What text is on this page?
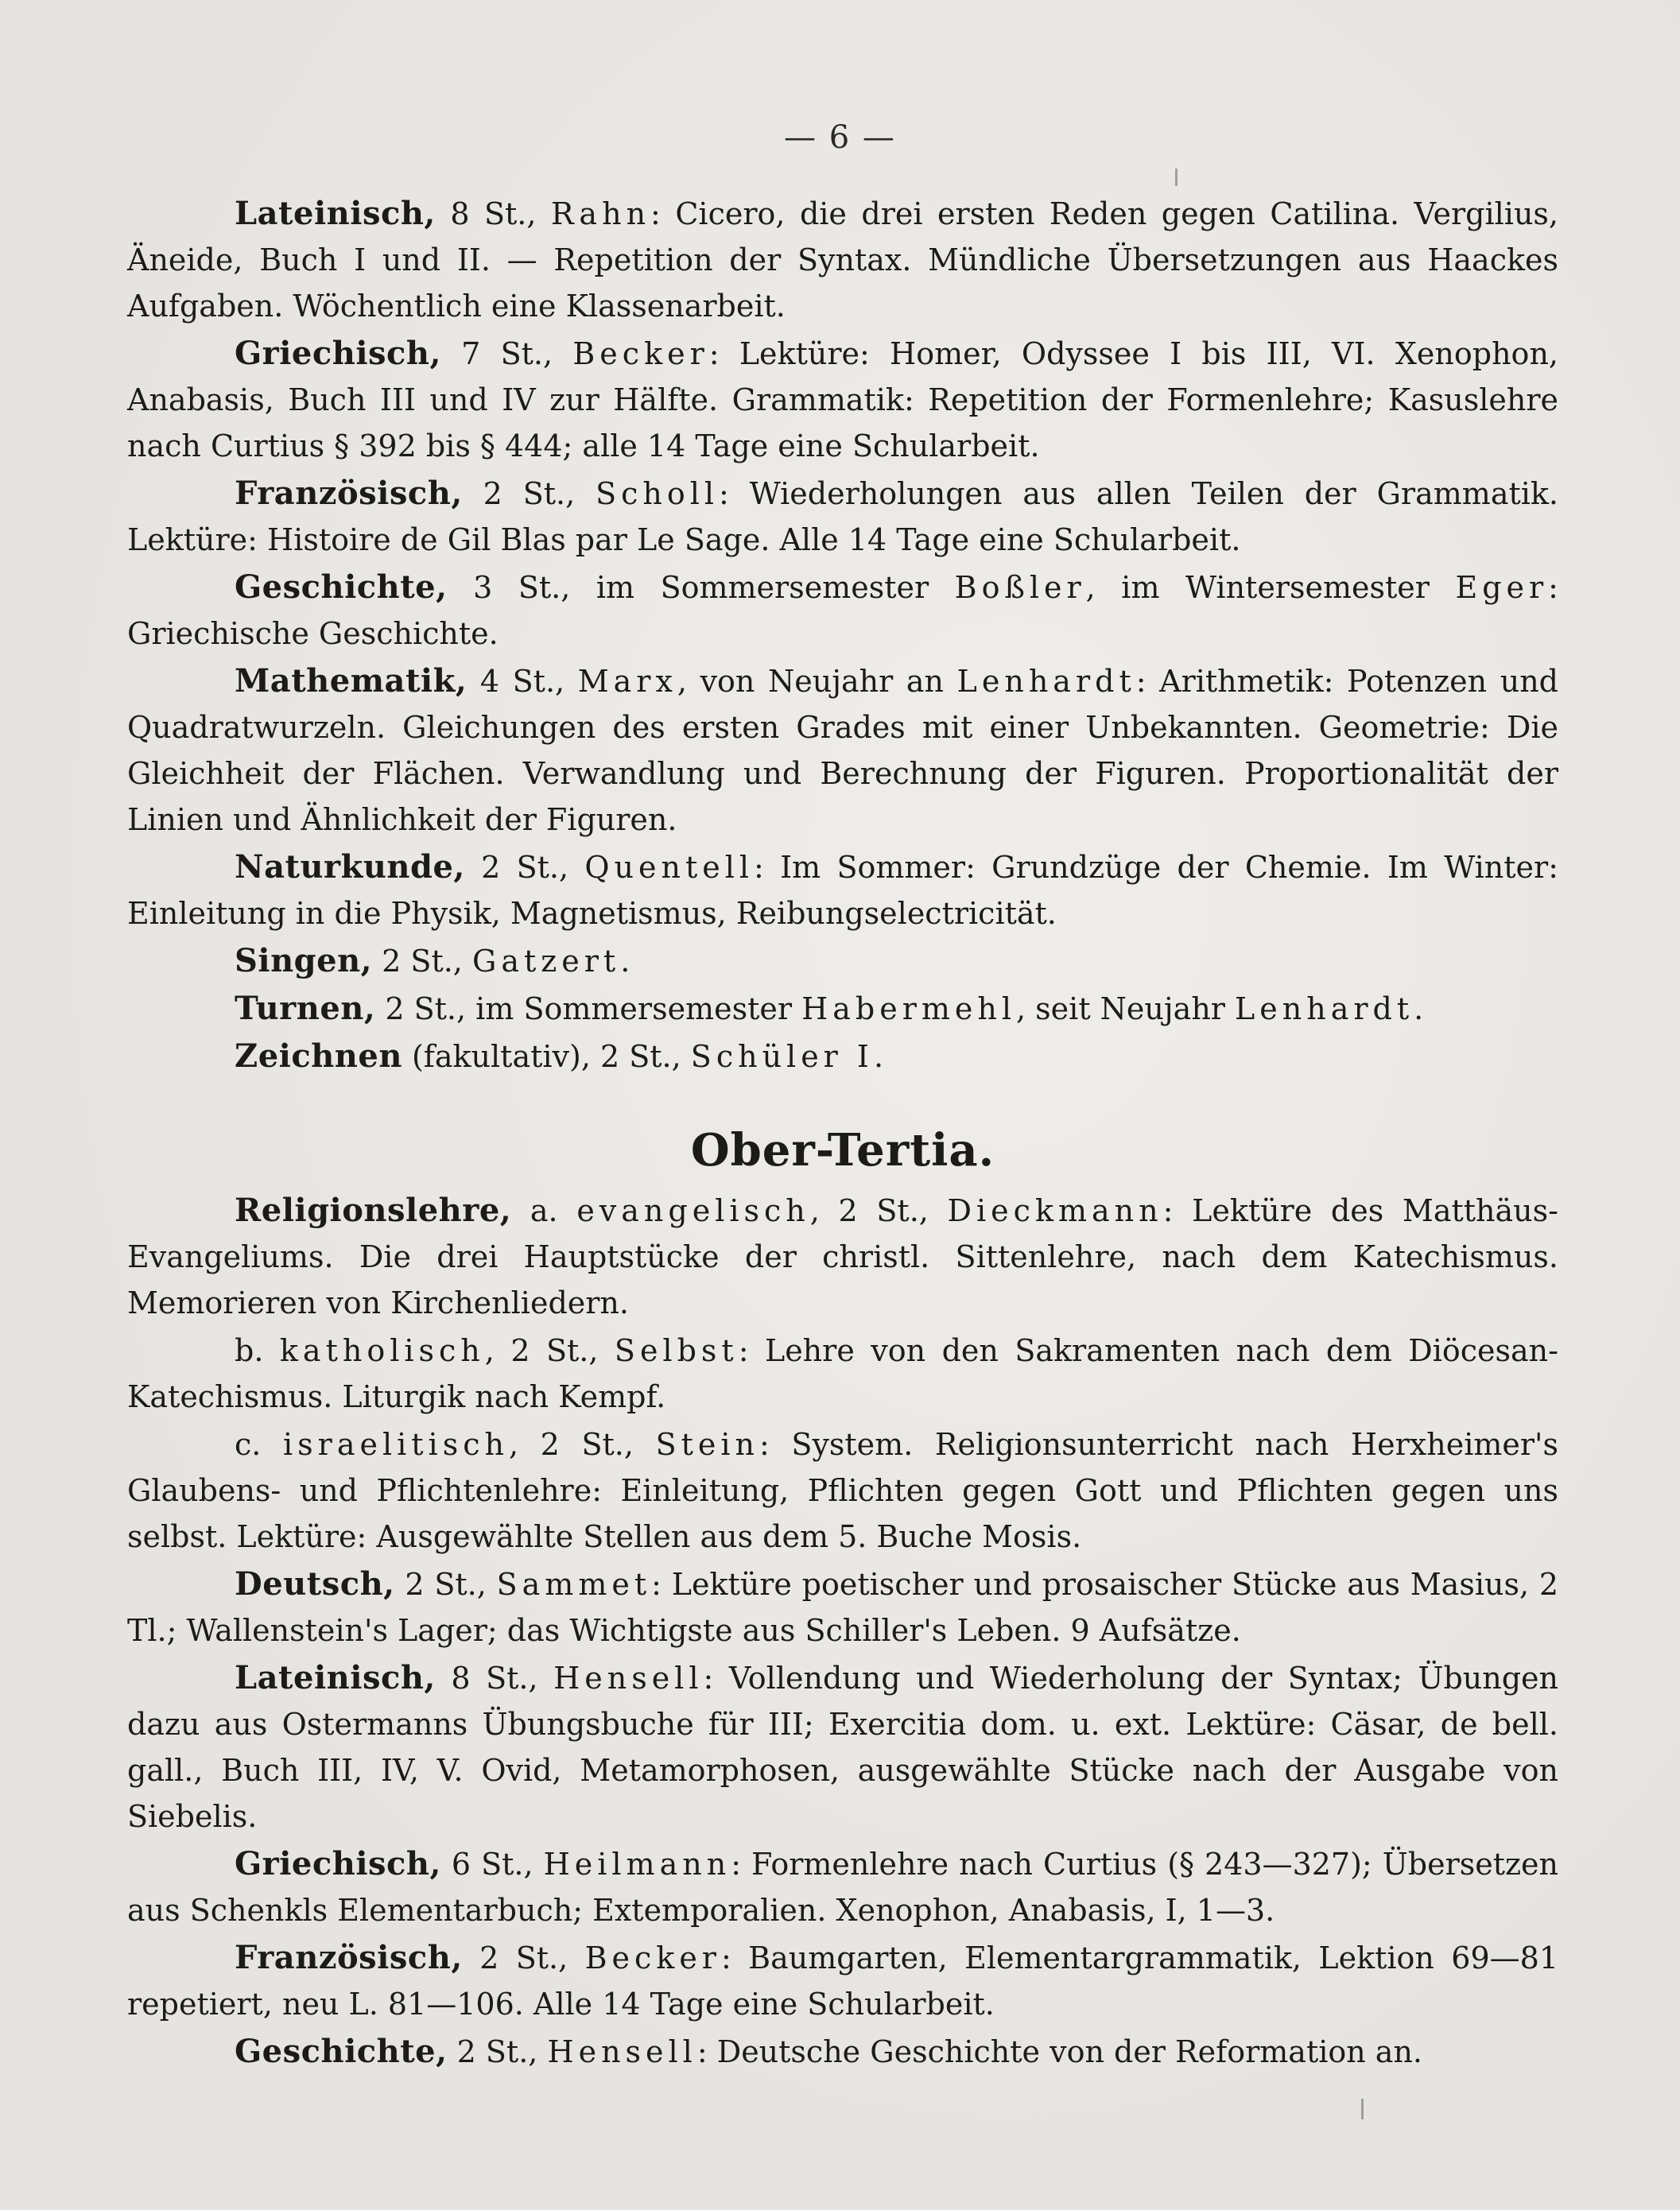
— 6 —

Lateinisch, 8 St., Rahn: Cicero, die drei ersten Reden gegen Catilina. Vergilius, Äneide, Buch I und II. — Repetition der Syntax. Mündliche Übersetzungen aus Haackes Aufgaben. Wöchentlich eine Klassenarbeit.

Griechisch, 7 St., Becker: Lektüre: Homer, Odyssee I bis III, VI. Xenophon, Anabasis, Buch III und IV zur Hälfte. Grammatik: Repetition der Formenlehre; Kasuslehre nach Curtius § 392 bis § 444; alle 14 Tage eine Schularbeit.

Französisch, 2 St., Scholl: Wiederholungen aus allen Teilen der Grammatik. Lektüre: Histoire de Gil Blas par Le Sage. Alle 14 Tage eine Schularbeit.

Geschichte, 3 St., im Sommersemester Boßler, im Wintersemester Eger: Griechische Geschichte.

Mathematik, 4 St., Marx, von Neujahr an Lenhardt: Arithmetik: Potenzen und Quadratwurzeln. Gleichungen des ersten Grades mit einer Unbekannten. Geometrie: Die Gleichheit der Flächen. Verwandlung und Berechnung der Figuren. Proportionalität der Linien und Ähnlichkeit der Figuren.

Naturkunde, 2 St., Quentell: Im Sommer: Grundzüge der Chemie. Im Winter: Einleitung in die Physik, Magnetismus, Reibungselectricität.

Singen, 2 St., Gatzert.

Turnen, 2 St., im Sommersemester Habermehl, seit Neujahr Lenhardt.

Zeichnen (fakultativ), 2 St., Schüler I.

Ober-Tertia.

Religionslehre, a. evangelisch, 2 St., Dieckmann: Lektüre des Matthäus-Evangeliums. Die drei Hauptstücke der christl. Sittenlehre, nach dem Katechismus. Memorieren von Kirchenliedern.

b. katholisch, 2 St., Selbst: Lehre von den Sakramenten nach dem Diöcesan-Katechismus. Liturgik nach Kempf.

c. israelitisch, 2 St., Stein: System. Religionsunterricht nach Herxheimer's Glaubens- und Pflichtenlehre: Einleitung, Pflichten gegen Gott und Pflichten gegen uns selbst. Lektüre: Ausgewählte Stellen aus dem 5. Buche Mosis.

Deutsch, 2 St., Sammet: Lektüre poetischer und prosaischer Stücke aus Masius, 2 Tl.; Wallenstein's Lager; das Wichtigste aus Schiller's Leben. 9 Aufsätze.

Lateinisch, 8 St., Hensell: Vollendung und Wiederholung der Syntax; Übungen dazu aus Ostermanns Übungsbuche für III; Exercitia dom. u. ext. Lektüre: Cäsar, de bell. gall., Buch III, IV, V. Ovid, Metamorphosen, ausgewählte Stücke nach der Ausgabe von Siebelis.

Griechisch, 6 St., Heilmann: Formenlehre nach Curtius (§ 243—327); Übersetzen aus Schenkls Elementarbuch; Extemporalien. Xenophon, Anabasis, I, 1—3.

Französisch, 2 St., Becker: Baumgarten, Elementargrammatik, Lektion 69—81 repetiert, neu L. 81—106. Alle 14 Tage eine Schularbeit.

Geschichte, 2 St., Hensell: Deutsche Geschichte von der Reformation an.
